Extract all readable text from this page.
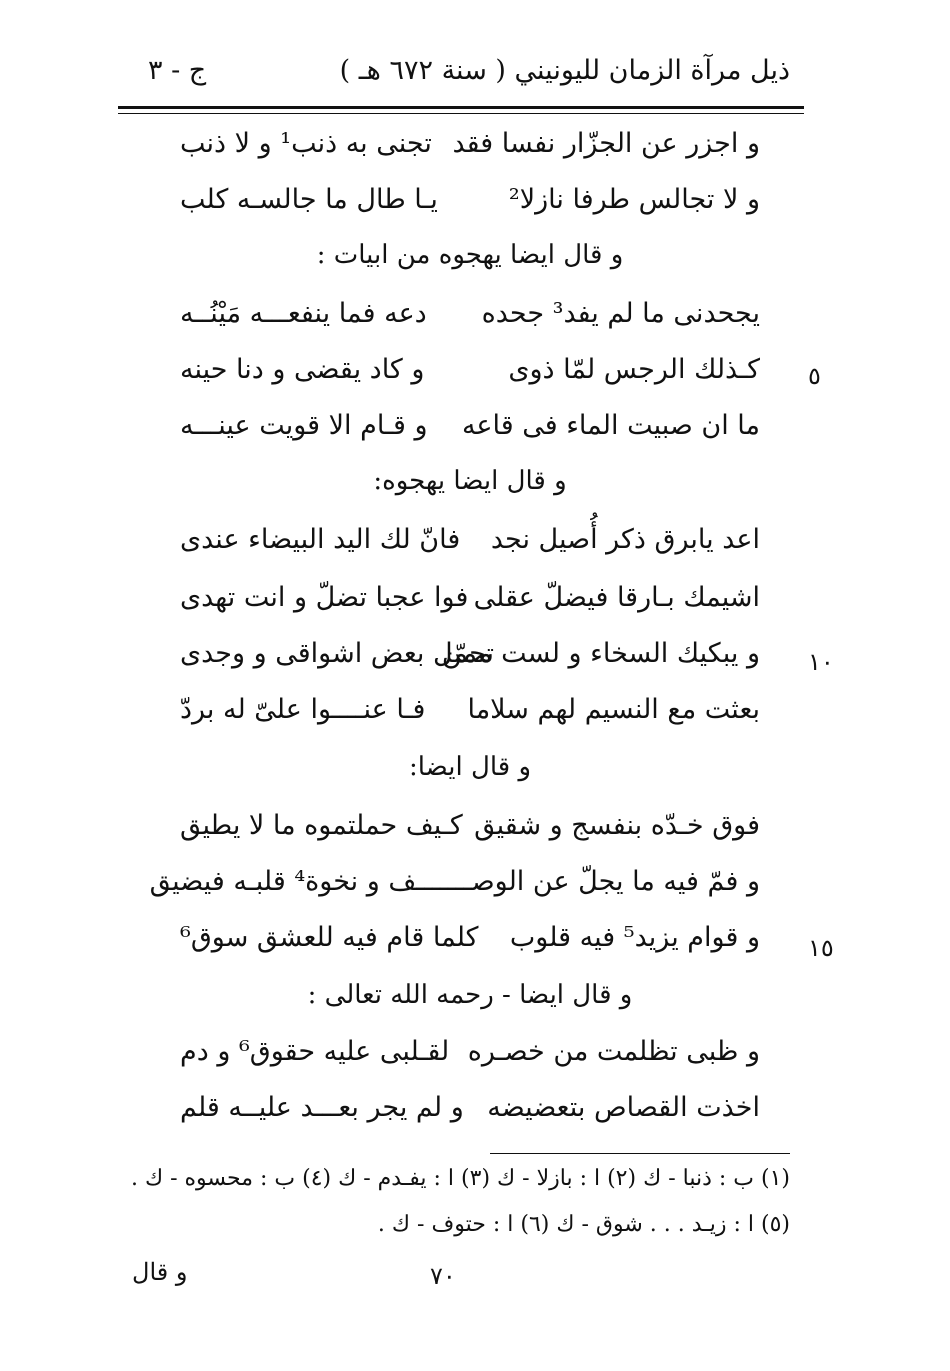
ذيل مرآة الزمان لليونيني ( سنة ٦٧٢ هـ )
ج - ٣
و اجزر عن الجزّار نفسا فقد
تجنى به ذنب¹ و لا ذنب
و لا تجالس طرفا نازلا²
يـا طال ما جالسـه كلب
و قال ايضا يهجوه من ابيات :
يجحدنى ما لم يفد³ جحده
دعه فما ينفعـــه مَيْنُــه
كـذلك الرجس لمّا ذوى
و كاد يقضى و دنا حينه	٥
ما ان صبيت الماء فى قاعه
و قـام الا قويت عينـــه
و قال ايضا يهجوه:
اعد يابرق ذكر أُصيل نجد
فانّ لك اليد البيضاء عندى
اشيمك بـارقا فيضلّ عقلى
فوا عجبا تضلّ و انت تهدى
و يبكيك السخاء و لست ممن
تحمّل بعض اشواقى و وجدى	١٠
بعثت مع النسيم لهم سلاما
فـا عنــــوا علىّ له بردّ
و قال ايضا:
فوق خـدّه بنفسج و شقيق
كـيف حملتموه ما لا يطيق
و فمّ فيه ما يجلّ عن الوصـــــــف و نخوة⁴ قلبـه فيضيق
و قوام يزيد⁵ فيه قلوب
كلما قام فيه للعشق سوق⁶	١٥
و قال ايضا - رحمه الله تعالى :
و ظبى تظلمت من خصـره
لقـلبى عليه حقوق⁶ و دم
اخذت القصاص بتعضيضه
و لم يجر بعـــد عليــه قلم
(١) ب : ذنبا - ك (٢) ا : بازلا - ك (٣) ا : يفـدم - ك (٤) ب : محسوه - ك .
(٥) ا : زيـد . . . شوق - ك (٦) ا : حتوف - ك .
٧٠
و قال
